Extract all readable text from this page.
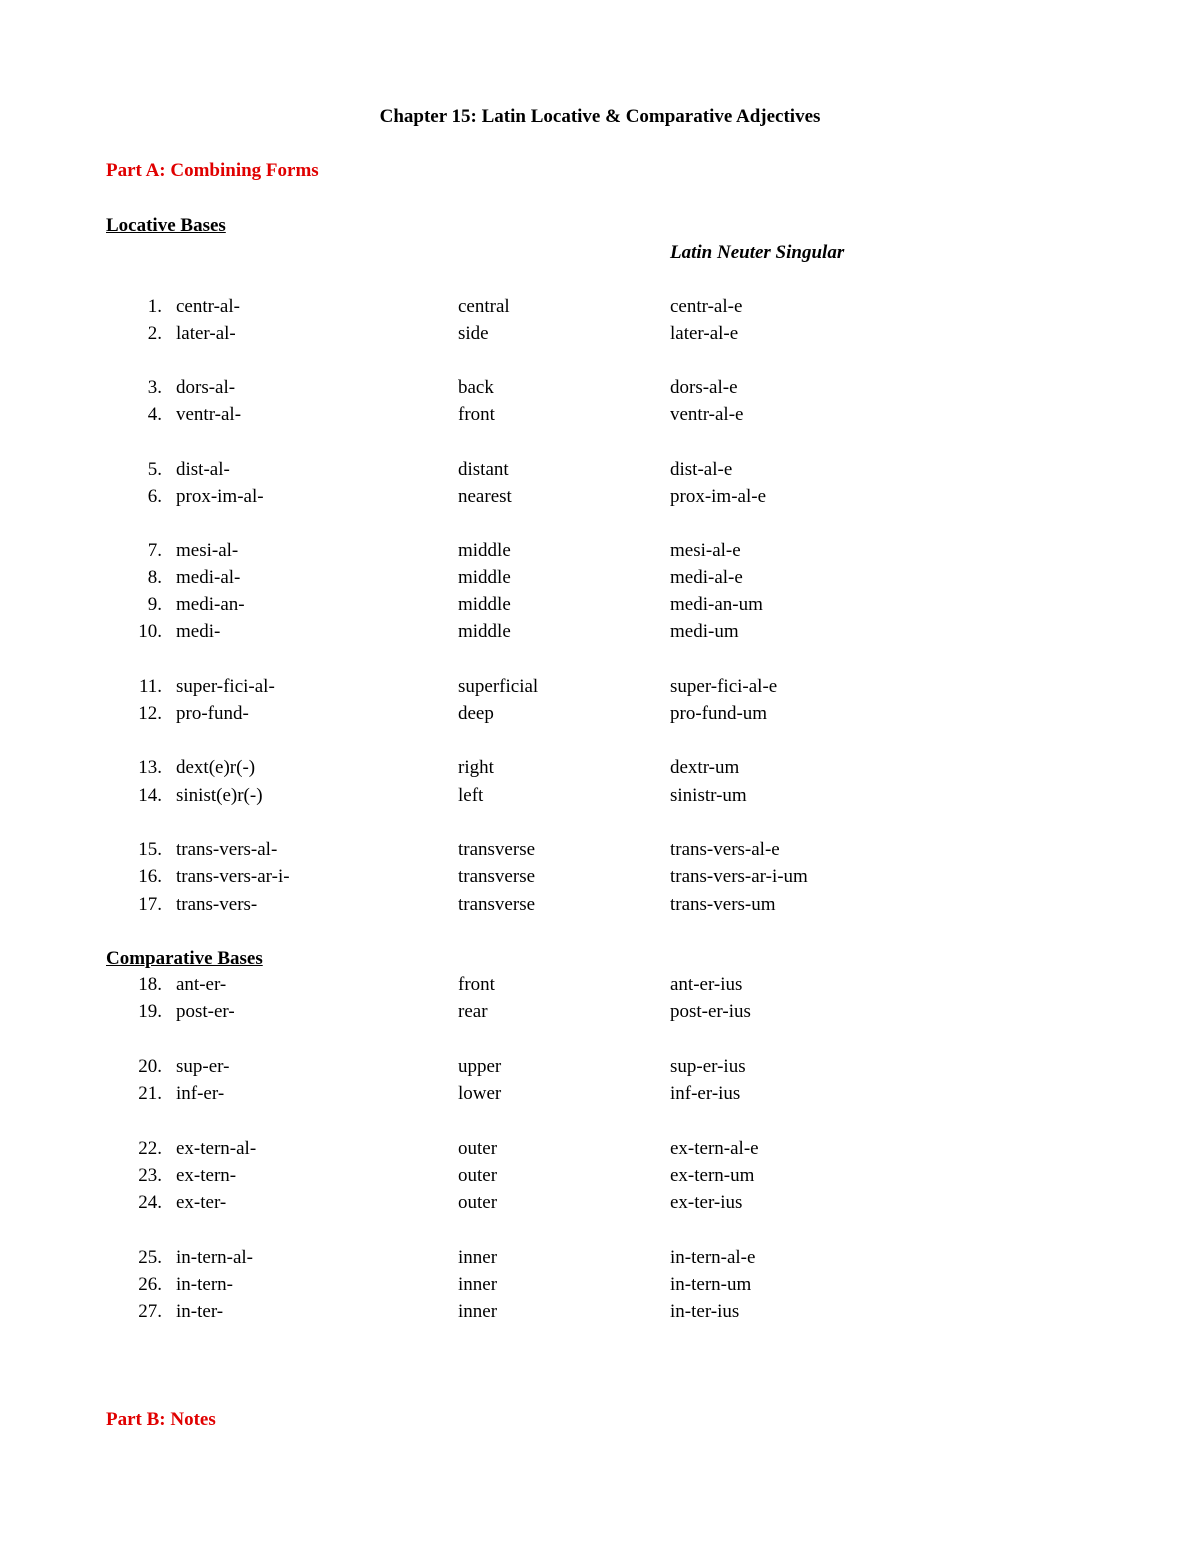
Chapter 15: Latin Locative & Comparative Adjectives
Part A: Combining Forms
Locative Bases
Latin Neuter Singular
1. centr-al-	central	centr-al-e
2. later-al-	side	later-al-e
3. dors-al-	back	dors-al-e
4. ventr-al-	front	ventr-al-e
5. dist-al-	distant	dist-al-e
6. prox-im-al-	nearest	prox-im-al-e
7. mesi-al-	middle	mesi-al-e
8. medi-al-	middle	medi-al-e
9. medi-an-	middle	medi-an-um
10. medi-	middle	medi-um
11. super-fici-al-	superficial	super-fici-al-e
12. pro-fund-	deep	pro-fund-um
13. dext(e)r(-)	right	dextr-um
14. sinist(e)r(-)	left	sinistr-um
15. trans-vers-al-	transverse	trans-vers-al-e
16. trans-vers-ar-i-	transverse	trans-vers-ar-i-um
17. trans-vers-	transverse	trans-vers-um
Comparative Bases
18. ant-er-	front	ant-er-ius
19. post-er-	rear	post-er-ius
20. sup-er-	upper	sup-er-ius
21. inf-er-	lower	inf-er-ius
22. ex-tern-al-	outer	ex-tern-al-e
23. ex-tern-	outer	ex-tern-um
24. ex-ter-	outer	ex-ter-ius
25. in-tern-al-	inner	in-tern-al-e
26. in-tern-	inner	in-tern-um
27. in-ter-	inner	in-ter-ius
Part B: Notes
